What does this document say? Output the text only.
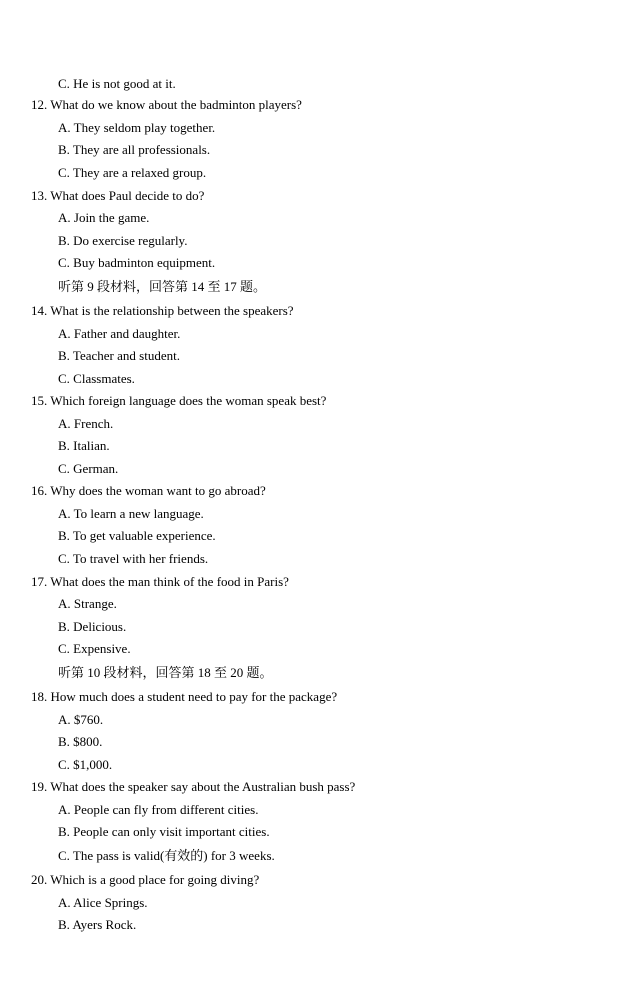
C. He is not good at it.
12. What do we know about the badminton players?
A. They seldom play together.
B. They are all professionals.
C. They are a relaxed group.
13. What does Paul decide to do?
A. Join the game.
B. Do exercise regularly.
C. Buy badminton equipment.
听第 9 段材料，回答第 14 至 17 题。
14. What is the relationship between the speakers?
A. Father and daughter.
B. Teacher and student.
C. Classmates.
15. Which foreign language does the woman speak best?
A. French.
B. Italian.
C. German.
16. Why does the woman want to go abroad?
A. To learn a new language.
B. To get valuable experience.
C. To travel with her friends.
17. What does the man think of the food in Paris?
A. Strange.
B. Delicious.
C. Expensive.
听第 10 段材料，回答第 18 至 20 题。
18. How much does a student need to pay for the package?
A. $760.
B. $800.
C. $1,000.
19. What does the speaker say about the Australian bush pass?
A. People can fly from different cities.
B. People can only visit important cities.
C. The pass is valid(有效的) for 3 weeks.
20. Which is a good place for going diving?
A. Alice Springs.
B. Ayers Rock.
